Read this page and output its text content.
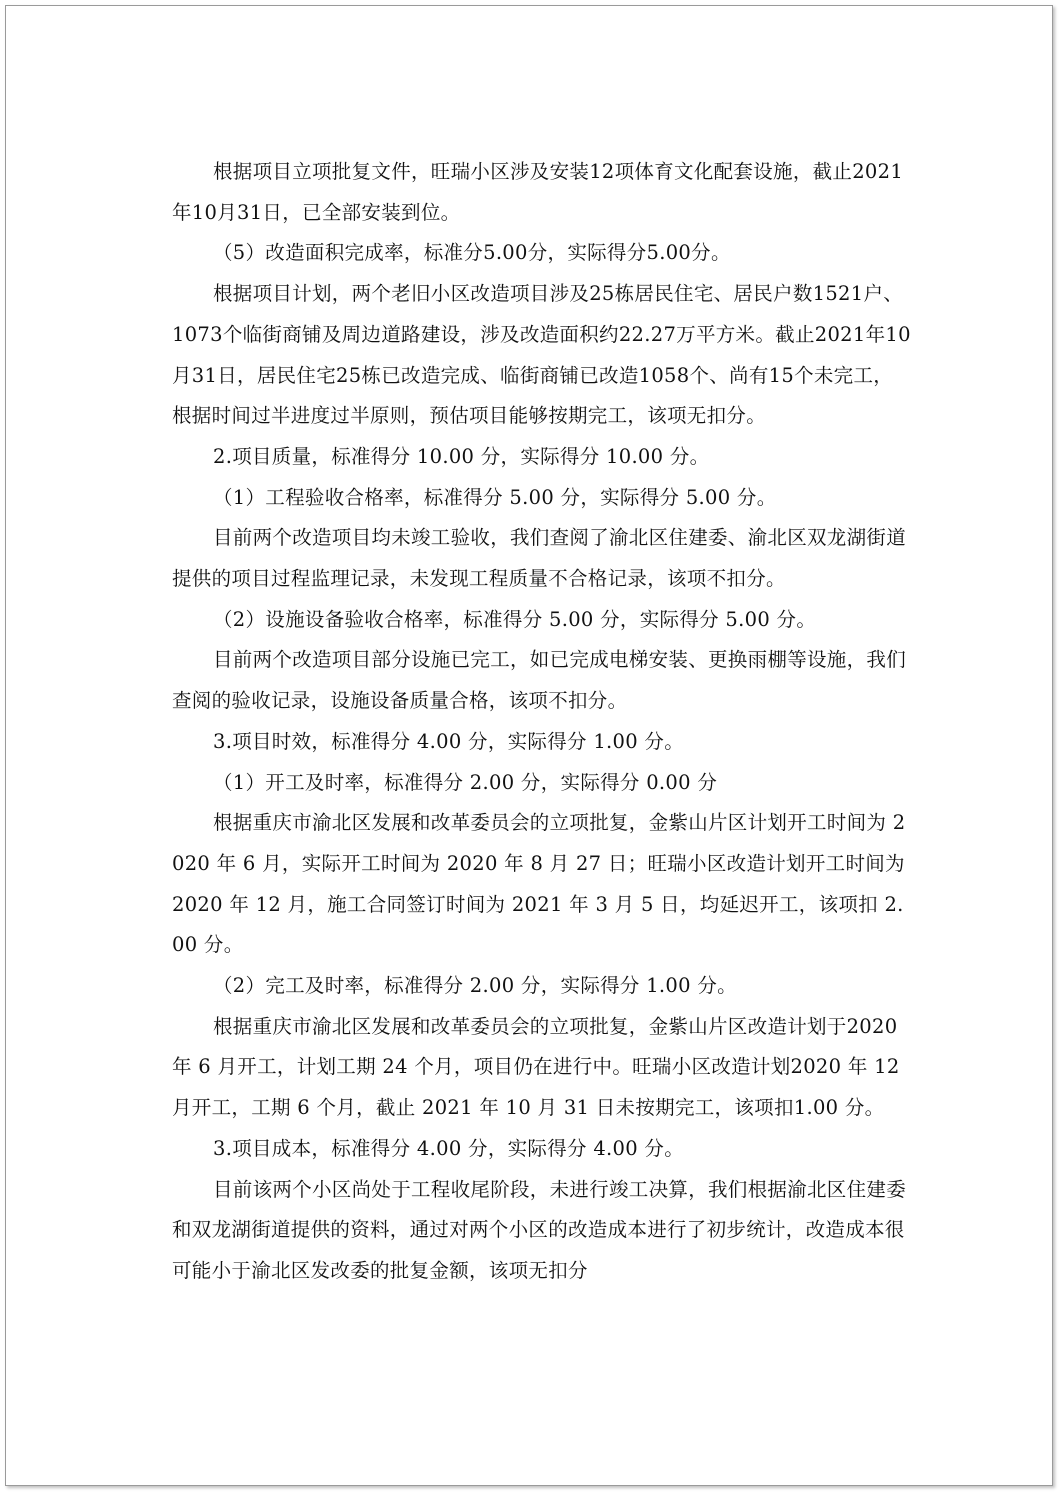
根据项目立项批复文件，旺瑞小区涉及安装12项体育文化配套设施，截止2021年10月31日，已全部安装到位。

（5）改造面积完成率，标准分5.00分，实际得分5.00分。

根据项目计划，两个老旧小区改造项目涉及25栋居民住宅、居民户数1521户、1073个临街商铺及周边道路建设，涉及改造面积约22.27万平方米。截止2021年10月31日，居民住宅25栋已改造完成、临街商铺已改造1058个、尚有15个未完工，根据时间过半进度过半原则，预估项目能够按期完工，该项无扣分。

2.项目质量，标准得分 10.00 分，实际得分 10.00 分。

（1）工程验收合格率，标准得分 5.00 分，实际得分 5.00 分。

目前两个改造项目均未竣工验收，我们查阅了渝北区住建委、渝北区双龙湖街道提供的项目过程监理记录，未发现工程质量不合格记录，该项不扣分。

（2）设施设备验收合格率，标准得分 5.00 分，实际得分 5.00 分。

目前两个改造项目部分设施已完工，如已完成电梯安装、更换雨棚等设施，我们查阅的验收记录，设施设备质量合格，该项不扣分。

3.项目时效，标准得分 4.00 分，实际得分 1.00 分。

（1）开工及时率，标准得分 2.00 分，实际得分 0.00 分

根据重庆市渝北区发展和改革委员会的立项批复，金紫山片区计划开工时间为 2020 年 6 月，实际开工时间为 2020 年 8 月 27 日；旺瑞小区改造计划开工时间为 2020 年 12 月，施工合同签订时间为 2021 年 3 月 5 日，均延迟开工，该项扣 2.00 分。

（2）完工及时率，标准得分 2.00 分，实际得分 1.00 分。

根据重庆市渝北区发展和改革委员会的立项批复，金紫山片区改造计划于2020 年 6 月开工，计划工期 24 个月，项目仍在进行中。旺瑞小区改造计划2020 年 12 月开工，工期 6 个月，截止 2021 年 10 月 31 日未按期完工，该项扣1.00 分。

3.项目成本，标准得分 4.00 分，实际得分 4.00 分。

目前该两个小区尚处于工程收尾阶段，未进行竣工决算，我们根据渝北区住建委和双龙湖街道提供的资料，通过对两个小区的改造成本进行了初步统计，改造成本很可能小于渝北区发改委的批复金额，该项无扣分
